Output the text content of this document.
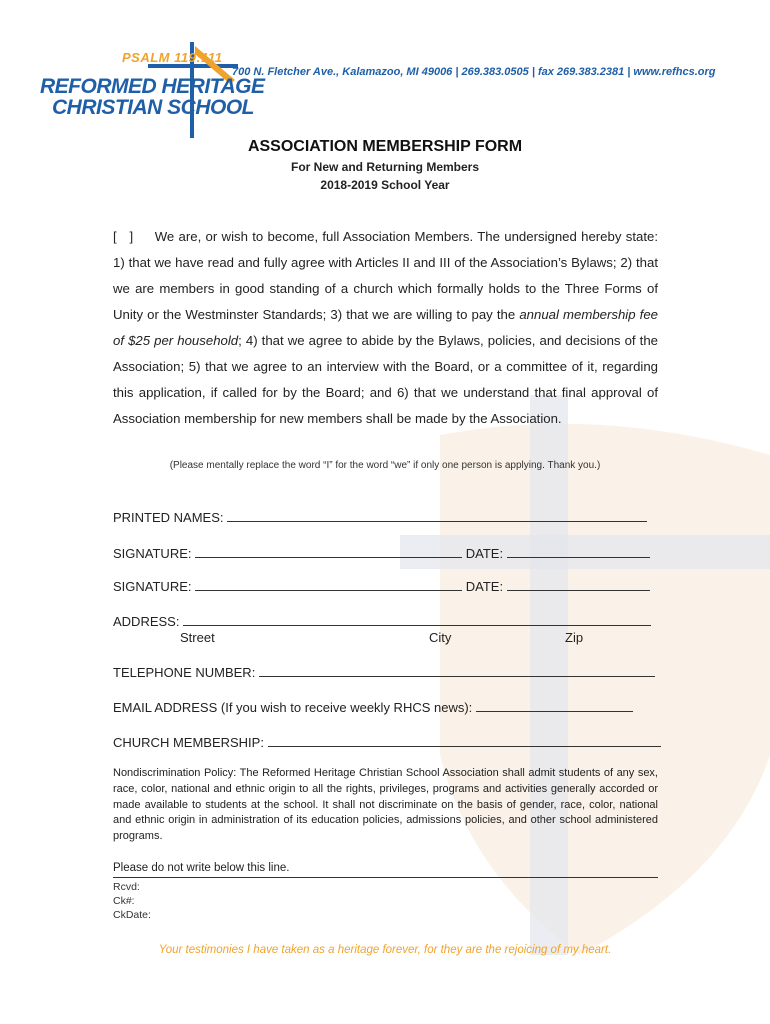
PSALM 119:111
REFORMED HERITAGE
CHRISTIAN SCHOOL
700 N. Fletcher Ave., Kalamazoo, MI 49006 | 269.383.0505 | fax 269.383.2381 | www.refhcs.org
ASSOCIATION MEMBERSHIP FORM
For New and Returning Members
2018-2019 School Year
[   ] We are, or wish to become, full Association Members. The undersigned hereby state: 1) that we have read and fully agree with Articles II and III of the Association’s Bylaws; 2) that we are members in good standing of a church which formally holds to the Three Forms of Unity or the Westminster Standards; 3) that we are willing to pay the annual membership fee of $25 per household; 4) that we agree to abide by the Bylaws, policies, and decisions of the Association; 5) that we agree to an interview with the Board, or a committee of it, regarding this application, if called for by the Board; and 6) that we understand that final approval of Association membership for new members shall be made by the Association.
(Please mentally replace the word “I” for the word “we” if only one person is applying. Thank you.)
PRINTED NAMES:
SIGNATURE:	DATE:
SIGNATURE:	DATE:
ADDRESS:
Street	City	Zip
TELEPHONE NUMBER:
EMAIL ADDRESS (If you wish to receive weekly RHCS news):
CHURCH MEMBERSHIP:
Nondiscrimination Policy: The Reformed Heritage Christian School Association shall admit students of any sex, race, color, national and ethnic origin to all the rights, privileges, programs and activities generally accorded or made available to students at the school. It shall not discriminate on the basis of gender, race, color, national and ethnic origin in administration of its education policies, admissions policies, and other school administered programs.
Please do not write below this line.
Rcvd:
Ck#:
CkDate:
Your testimonies I have taken as a heritage forever, for they are the rejoicing of my heart.
